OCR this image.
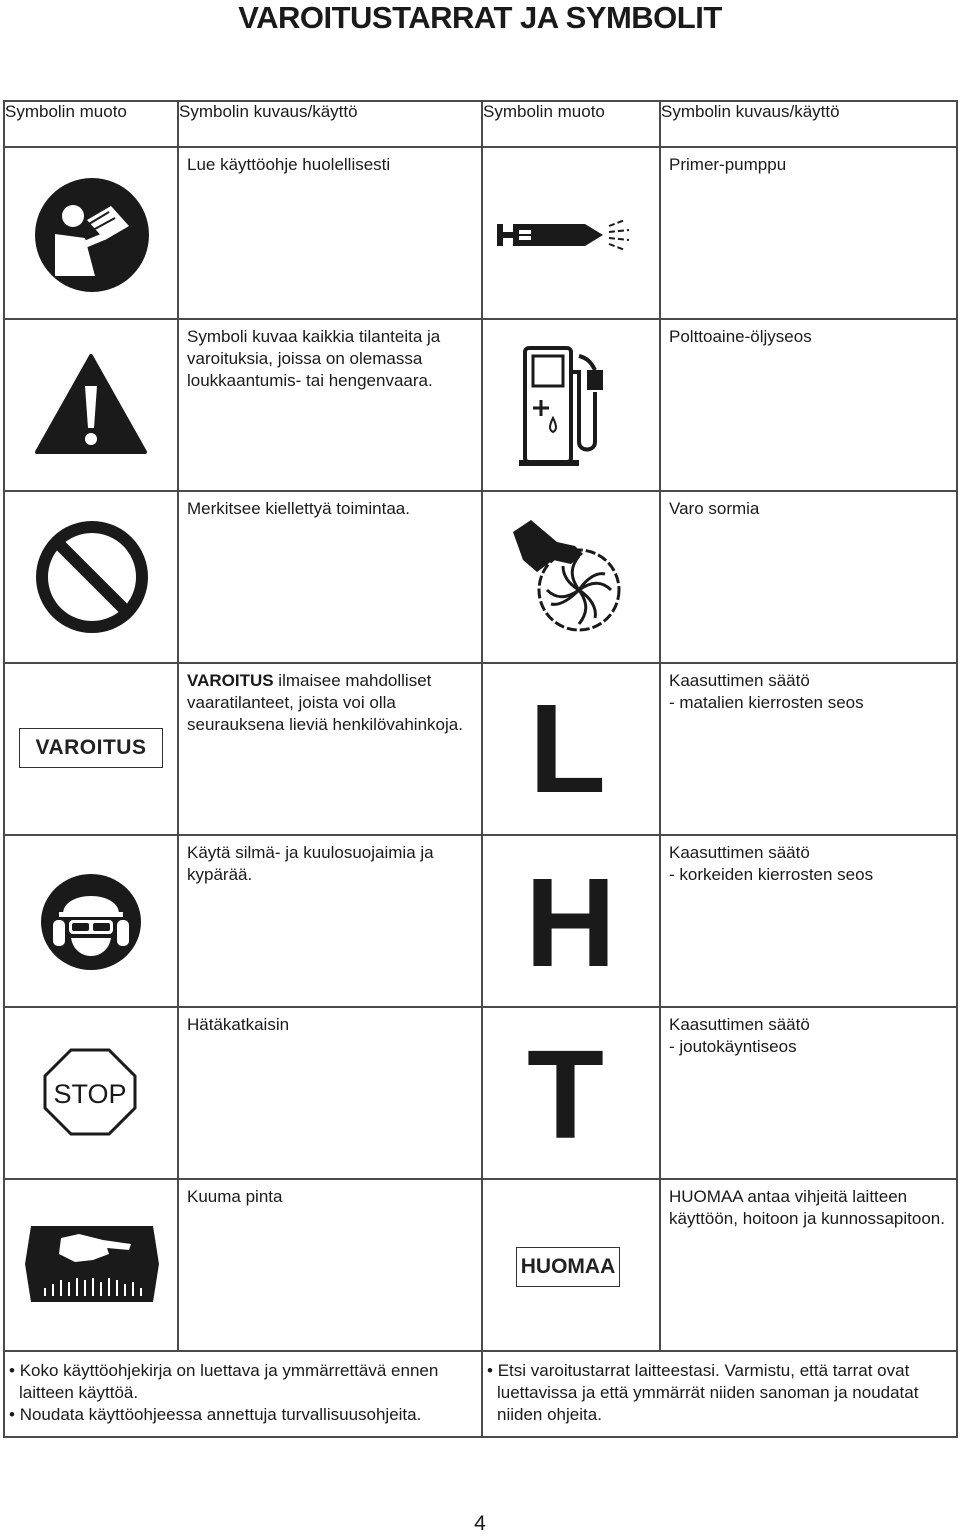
VAROITUSTARRAT JA SYMBOLIT
Symbolin muoto	Symbolin kuvaus/käyttö	Symbolin muoto	Symbolin kuvaus/käyttö

	Lue käyttöohje huolellisesti		Primer-pumppu

	Symboli kuvaa kaikkia tilanteita ja varoituksia, joissa on olemassa loukkaantumis- tai hengenvaara.		Polttoaine-öljyseos

	Merkitsee kiellettyä toimintaa.		Varo sormia

VAROITUS	VAROITUS ilmaisee mahdolliset vaaratilanteet, joista voi olla seurauksena lieviä henkilövahinkoja.	L	Kaasuttimen säätö
- matalien kierrosten seos

	Käytä silmä- ja kuulosuojaimia ja kypärää.	H	Kaasuttimen säätö
- korkeiden kierrosten seos

STOP	Hätäkatkaisin	T	Kaasuttimen säätö
- joutokäyntiseos

	Kuuma pinta	HUOMAA	HUOMAA antaa vihjeitä laitteen käyttöön, hoitoon ja kunnossapitoon.

• Koko käyttöohjekirja on luettava ja ymmärrettävä ennen laitteen käyttöä.
• Noudata käyttöohjeessa annettuja turvallisuusohjeita.		• Etsi varoitustarrat laitteestasi. Varmistu, että tarrat ovat luettavissa ja että ymmärrät niiden sanoman ja noudatat niiden ohjeita.	
4
